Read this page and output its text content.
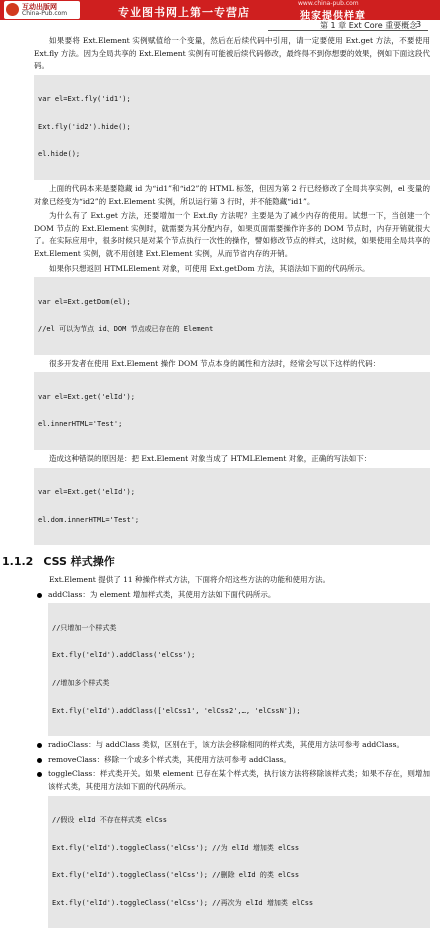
互动出版网
China-Pub.com	专业图书网上第一专营店
www.china-pub.com
独家提供样章
第 1 章 Ext Core 重要概念
3

如果要将 Ext.Element 实例赋值给一个变量，然后在后续代码中引用，请一定要使用 Ext.get 方法，不要使用 Ext.fly 方法。因为全局共享的 Ext.Element 实例有可能被后续代码修改，最终得不到你想要的效果，例如下面这段代码。

var el=Ext.fly('id1');

Ext.fly('id2').hide();

el.hide();

上面的代码本来是要隐藏 id 为“id1”和“id2”的 HTML 标签，但因为第 2 行已经修改了全局共享实例，el 变量的对象已经变为“id2”的 Ext.Element 实例，所以运行第 3 行时，并不能隐藏“id1”。

为什么有了 Ext.get 方法，还要增加一个 Ext.fly 方法呢？主要是为了减少内存的使用。试想一下，当创建一个 DOM 节点的 Ext.Element 实例时，就需要为其分配内存，如果页面需要操作许多的 DOM 节点时，内存开销就很大了。在实际应用中，很多时候只是对某个节点执行一次性的操作，譬如修改节点的样式，这时候，如果使用全局共享的 Ext.Element 实例，就不用创建 Ext.Element 实例，从而节省内存的开销。

如果你只想返回 HTMLElement 对象，可使用 Ext.getDom 方法，其语法如下面的代码所示。

var el=Ext.getDom(el);

//el 可以为节点 id、DOM 节点或已存在的 Element

很多开发者在使用 Ext.Element 操作 DOM 节点本身的属性和方法时，经常会写以下这样的代码：

var el=Ext.get('elId');

el.innerHTML='Test';

造成这种错误的原因是：把 Ext.Element 对象当成了 HTMLElement 对象，正确的写法如下：

var el=Ext.get('elId');

el.dom.innerHTML='Test';

1.1.2 CSS 样式操作

Ext.Element 提供了 11 种操作样式方法，下面将介绍这些方法的功能和使用方法。

addClass：为 element 增加样式类，其使用方法如下面代码所示。

//只增加一个样式类

Ext.fly('elId').addClass('elCss');

//增加多个样式类

Ext.fly('elId').addClass(['elCss1', 'elCss2',…, 'elCssN']);

radioClass：与 addClass 类似，区别在于，该方法会移除相同的样式类，其使用方法可参考 addClass。
removeClass：移除一个或多个样式类，其使用方法可参考 addClass。
toggleClass：样式类开关。如果 element 已存在某个样式类，执行该方法将移除该样式类；如果不存在，则增加该样式类，其使用方法如下面的代码所示。

//假设 elId 不存在样式类 elCss

Ext.fly('elId').toggleClass('elCss'); //为 elId 增加类 elCss

Ext.fly('elId').toggleClass('elCss'); //删除 elId 的类 elCss

Ext.fly('elId').toggleClass('elCss'); //再次为 elId 增加类 elCss
